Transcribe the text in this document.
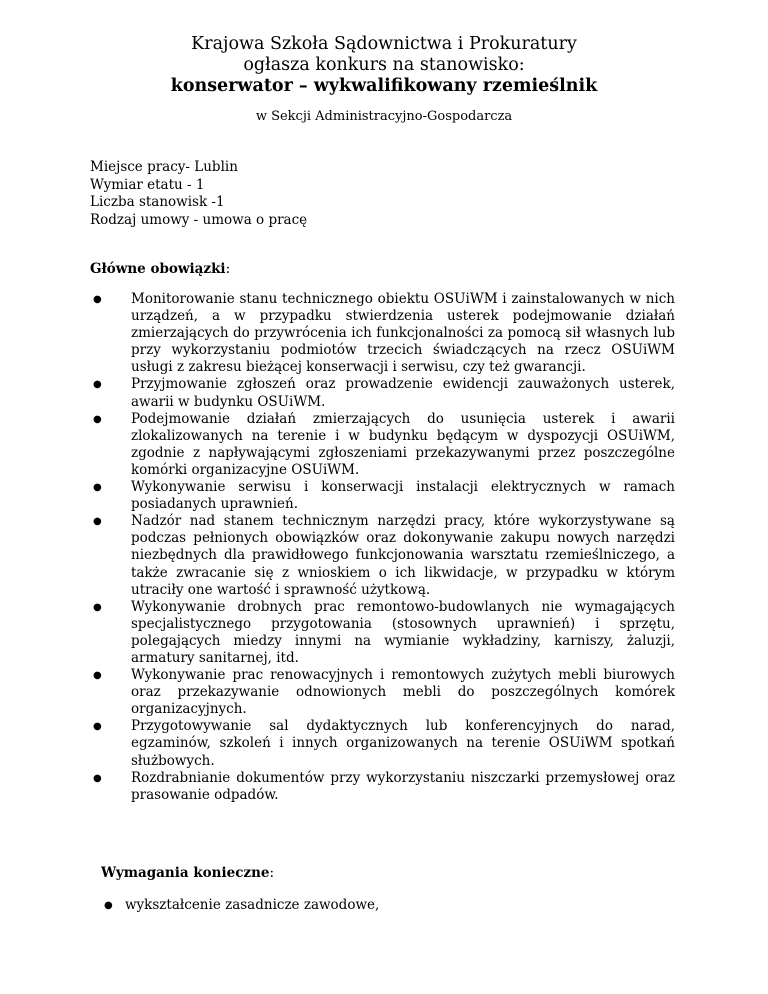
Krajowa Szkoła Sądownictwa i Prokuratury
ogłasza konkurs na stanowisko:
konserwator – wykwalifikowany rzemieślnik
w Sekcji Administracyjno-Gospodarcza
Miejsce pracy- Lublin
Wymiar etatu - 1
Liczba stanowisk -1
Rodzaj umowy - umowa o pracę
Główne obowiązki:
● Monitorowanie stanu technicznego obiektu OSUiWM i zainstalowanych w nich urządzeń, a w przypadku stwierdzenia usterek podejmowanie działań zmierzających do przywrócenia ich funkcjonalności za pomocą sił własnych lub przy wykorzystaniu podmiotów trzecich świadczących na rzecz OSUiWM usługi z zakresu bieżącej konserwacji i serwisu, czy też gwarancji.
● Przyjmowanie zgłoszeń oraz prowadzenie ewidencji zauważonych usterek, awarii w budynku OSUiWM.
● Podejmowanie działań zmierzających do usunięcia usterek i awarii zlokalizowanych na terenie i w budynku będącym w dyspozycji OSUiWM, zgodnie z napływającymi zgłoszeniami przekazywanymi przez poszczególne komórki organizacyjne OSUiWM.
● Wykonywanie serwisu i konserwacji instalacji elektrycznych w ramach posiadanych uprawnień.
● Nadzór nad stanem technicznym narzędzi pracy, które wykorzystywane są podczas pełnionych obowiązków oraz dokonywanie zakupu nowych narzędzi niezbędnych dla prawidłowego funkcjonowania warsztatu rzemieślniczego, a także zwracanie się z wnioskiem o ich likwidacje, w przypadku w którym utraciły one wartość i sprawność użytkową.
● Wykonywanie drobnych prac remontowo-budowlanych nie wymagających specjalistycznego przygotowania (stosownych uprawnień) i sprzętu, polegających miedzy innymi na wymianie wykładziny, karniszy, żaluzji, armatury sanitarnej, itd.
● Wykonywanie prac renowacyjnych i remontowych zużytych mebli biurowych oraz przekazywanie odnowionych mebli do poszczególnych komórek organizacyjnych.
● Przygotowywanie sal dydaktycznych lub konferencyjnych do narad, egzaminów, szkoleń i innych organizowanych na terenie OSUiWM spotkań służbowych.
● Rozdrabnianie dokumentów przy wykorzystaniu niszczarki przemysłowej oraz prasowanie odpadów.
Wymagania konieczne:
● wykształcenie zasadnicze zawodowe,
